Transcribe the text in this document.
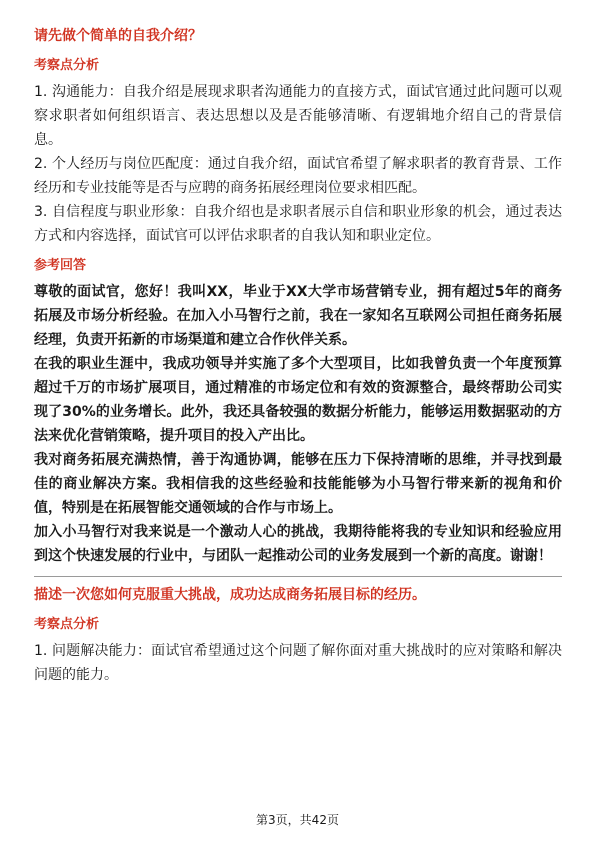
请先做个简单的自我介绍？
考察点分析

1. 沟通能力：自我介绍是展现求职者沟通能力的直接方式，面试官通过此问题可以观察求职者如何组织语言、表达思想以及是否能够清晰、有逻辑地介绍自己的背景信息。

2. 个人经历与岗位匹配度：通过自我介绍，面试官希望了解求职者的教育背景、工作经历和专业技能等是否与应聘的商务拓展经理岗位要求相匹配。

3. 自信程度与职业形象：自我介绍也是求职者展示自信和职业形象的机会，通过表达方式和内容选择，面试官可以评估求职者的自我认知和职业定位。

参考回答

尊敬的面试官，您好！我叫XX，毕业于XX大学市场营销专业，拥有超过5年的商务拓展及市场分析经验。在加入小马智行之前，我在一家知名互联网公司担任商务拓展经理，负责开拓新的市场渠道和建立合作伙伴关系。

在我的职业生涯中，我成功领导并实施了多个大型项目，比如我曾负责一个年度预算超过千万的市场扩展项目，通过精准的市场定位和有效的资源整合，最终帮助公司实现了30%的业务增长。此外，我还具备较强的数据分析能力，能够运用数据驱动的方法来优化营销策略，提升项目的投入产出比。

我对商务拓展充满热情，善于沟通协调，能够在压力下保持清晰的思维，并寻找到最佳的商业解决方案。我相信我的这些经验和技能能够为小马智行带来新的视角和价值，特别是在拓展智能交通领域的合作与市场上。

加入小马智行对我来说是一个激动人心的挑战，我期待能将我的专业知识和经验应用到这个快速发展的行业中，与团队一起推动公司的业务发展到一个新的高度。谢谢！

描述一次您如何克服重大挑战，成功达成商务拓展目标的经历。
考察点分析

1. 问题解决能力：面试官希望通过这个问题了解你面对重大挑战时的应对策略和解决问题的能力。

第3页，共42页
